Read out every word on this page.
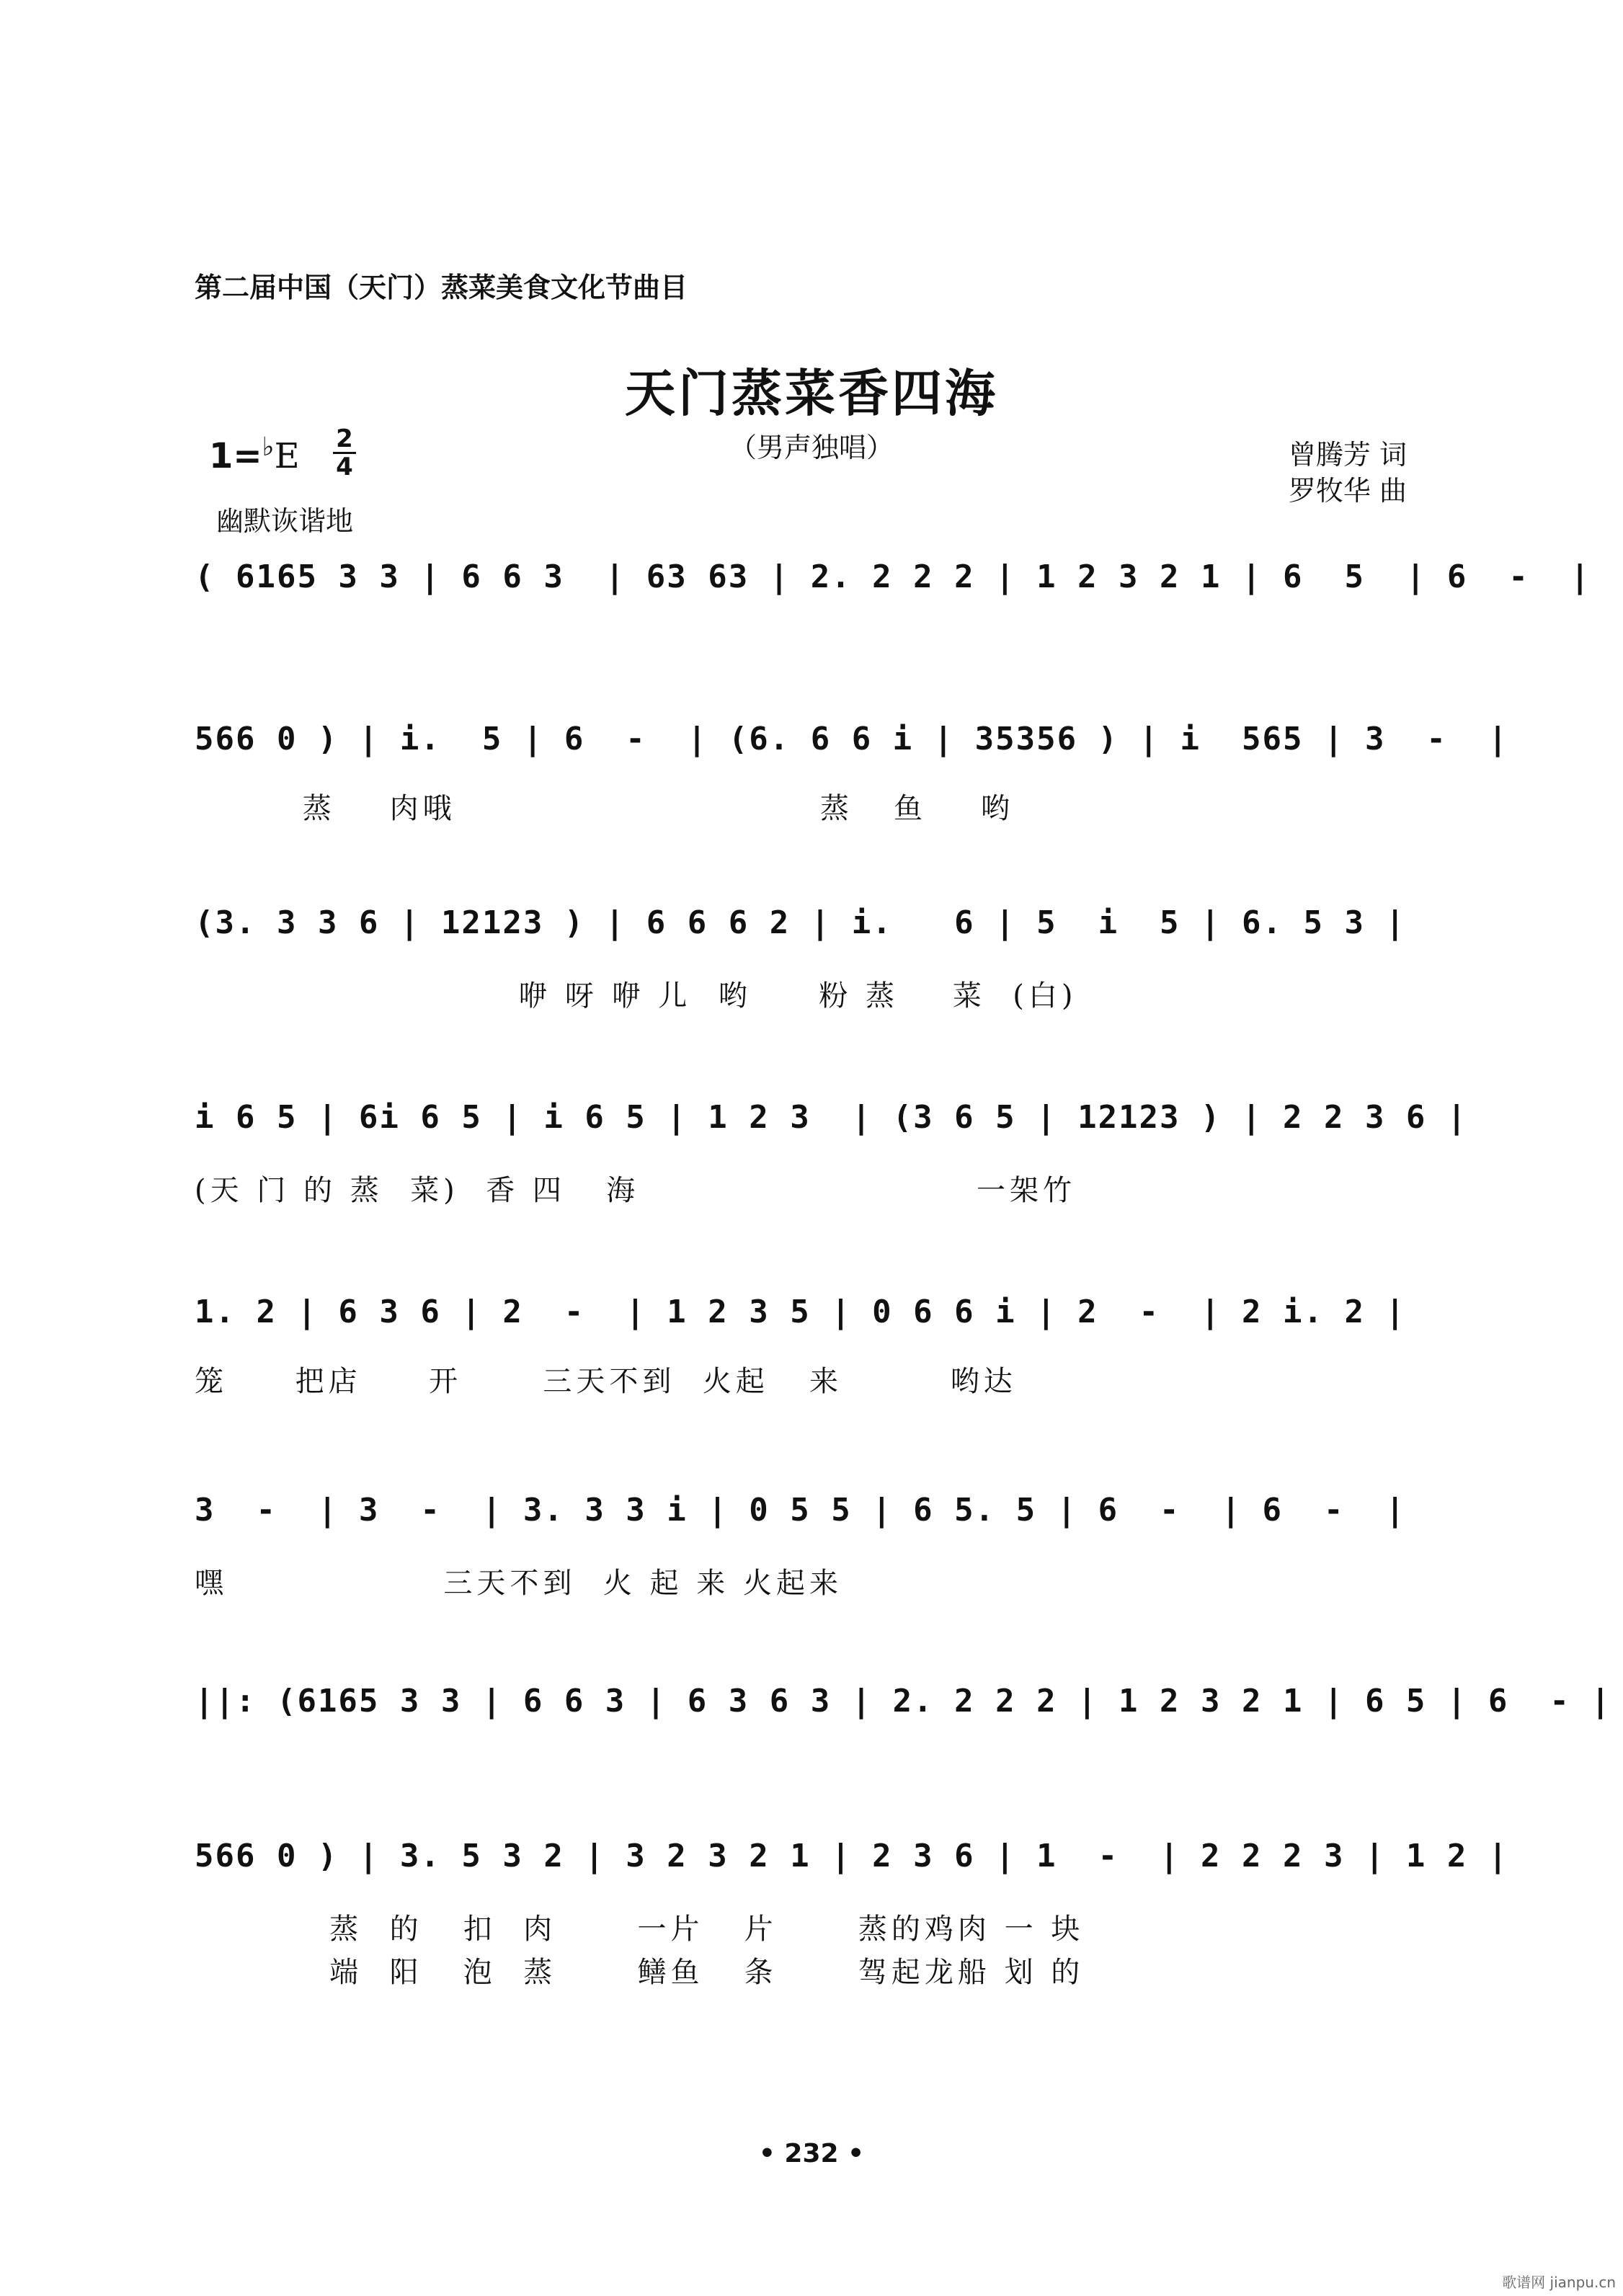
第二届中国（天门）蒸菜美食文化节曲目
天门蒸菜香四海
（男声独唱）
1=♭E 2
4
幽默诙谐地
曾腾芳 词
罗牧华 曲
( 6165 3 3 | 6 6 3  | 63 63 | 2. 2 2 2 | 1 2 3 2 1 | 6  5  | 6  -  |
566 0 ) | i.  5 | 6  -  | (6. 6 6 i | 35356 ) | i  565 | 3  -  |
蒸    肉哦                           蒸   鱼    哟
(3. 3 3 6 | 12123 ) | 6 6 6 2 | i.   6 | 5  i  5 | 6. 5 3 |
咿 呀 咿 儿  哟     粉 蒸    菜  (白)
i 6 5 | 6i 6 5 | i 6 5 | 1 2 3  | (3 6 5 | 12123 ) | 2 2 3 6 |
(天 门 的 蒸  菜)  香 四   海                         一架竹
1. 2 | 6 3 6 | 2  -  | 1 2 3 5 | 0 6 6 i | 2  -  | 2 i. 2 |
笼     把店     开      三天不到  火起   来        哟达
3  -  | 3  -  | 3. 3 3 i | 0 5 5 | 6 5. 5 | 6  -  | 6  -  |
嘿                三天不到  火 起 来 火起来
||: (6165 3 3 | 6 6 3 | 6 3 6 3 | 2. 2 2 2 | 1 2 3 2 1 | 6 5 | 6  - |
566 0 ) | 3. 5 3 2 | 3 2 3 2 1 | 2 3 6 | 1  -  | 2 2 2 3 | 1 2 |
蒸  的   扣  肉      一片   片      蒸的鸡肉 一 块
端  阳   泡  蒸      鳝鱼   条      驾起龙船 划 的
• 232 •
歌谱网 jianpu.cn
